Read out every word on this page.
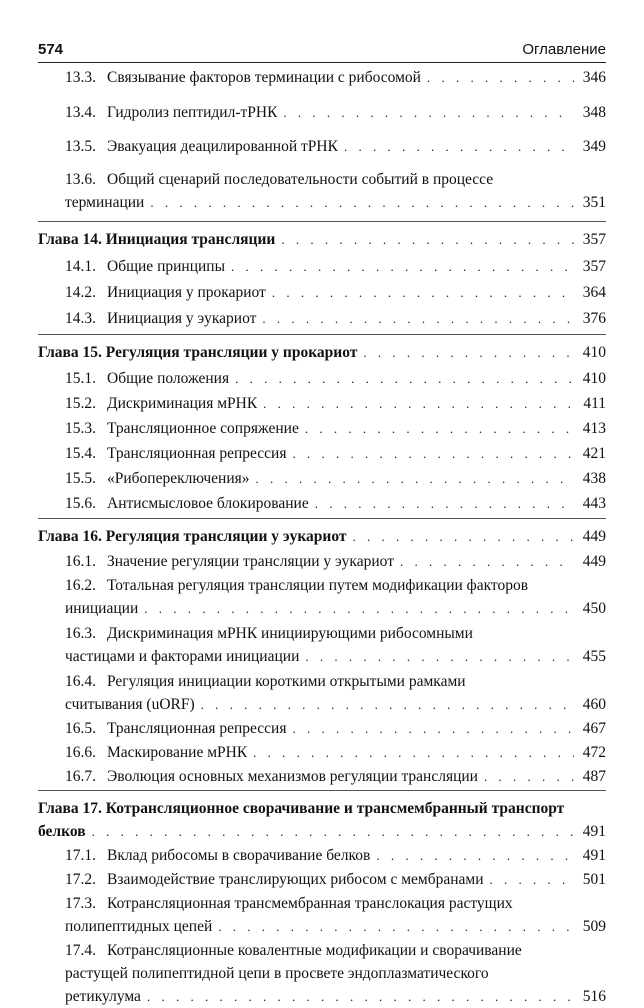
574	Оглавление
13.3. Связывание факторов терминации с рибосомой . . .	346
13.4. Гидролиз пептидил-тРНК . . .	348
13.5. Эвакуация деацилированной тРНК . . .	349
13.6. Общий сценарий последовательности событий в процессе
терминации . . .	351
Глава 14. Инициация трансляции . . .	357
14.1. Общие принципы . . .	357
14.2. Инициация у прокариот . . .	364
14.3. Инициация у эукариот . . .	376
Глава 15. Регуляция трансляции у прокариот . . .	410
15.1. Общие положения . . .	410
15.2. Дискриминация мРНК . . .	411
15.3. Трансляционное сопряжение . . .	413
15.4. Трансляционная репрессия . . .	421
15.5. «Рибопереключения» . . .	438
15.6. Антисмысловое блокирование . . .	443
Глава 16. Регуляция трансляции у эукариот . . .	449
16.1. Значение регуляции трансляции у эукариот . . .	449
16.2. Тотальная регуляция трансляции путем модификации факторов
инициации . . .	450
16.3. Дискриминация мРНК инициирующими рибосомными
частицами и факторами инициации . . .	455
16.4. Регуляция инициации короткими открытыми рамками
считывания (uORF) . . .	460
16.5. Трансляционная репрессия . . .	467
16.6. Маскирование мРНК . . .	472
16.7. Эволюция основных механизмов регуляции трансляции . . .	487
Глава 17. Котрансляционное сворачивание и трансмембранный транспорт
белков . . .	491
17.1. Вклад рибосомы в сворачивание белков . . .	491
17.2. Взаимодействие транслирующих рибосом с мембранами . . .	501
17.3. Котрансляционная трансмембранная транслокация растущих
полипептидных цепей . . .	509
17.4. Котрансляционные ковалентные модификации и сворачивание
растущей полипептидной цепи в просвете эндоплазматического
ретикулума . . .	516
